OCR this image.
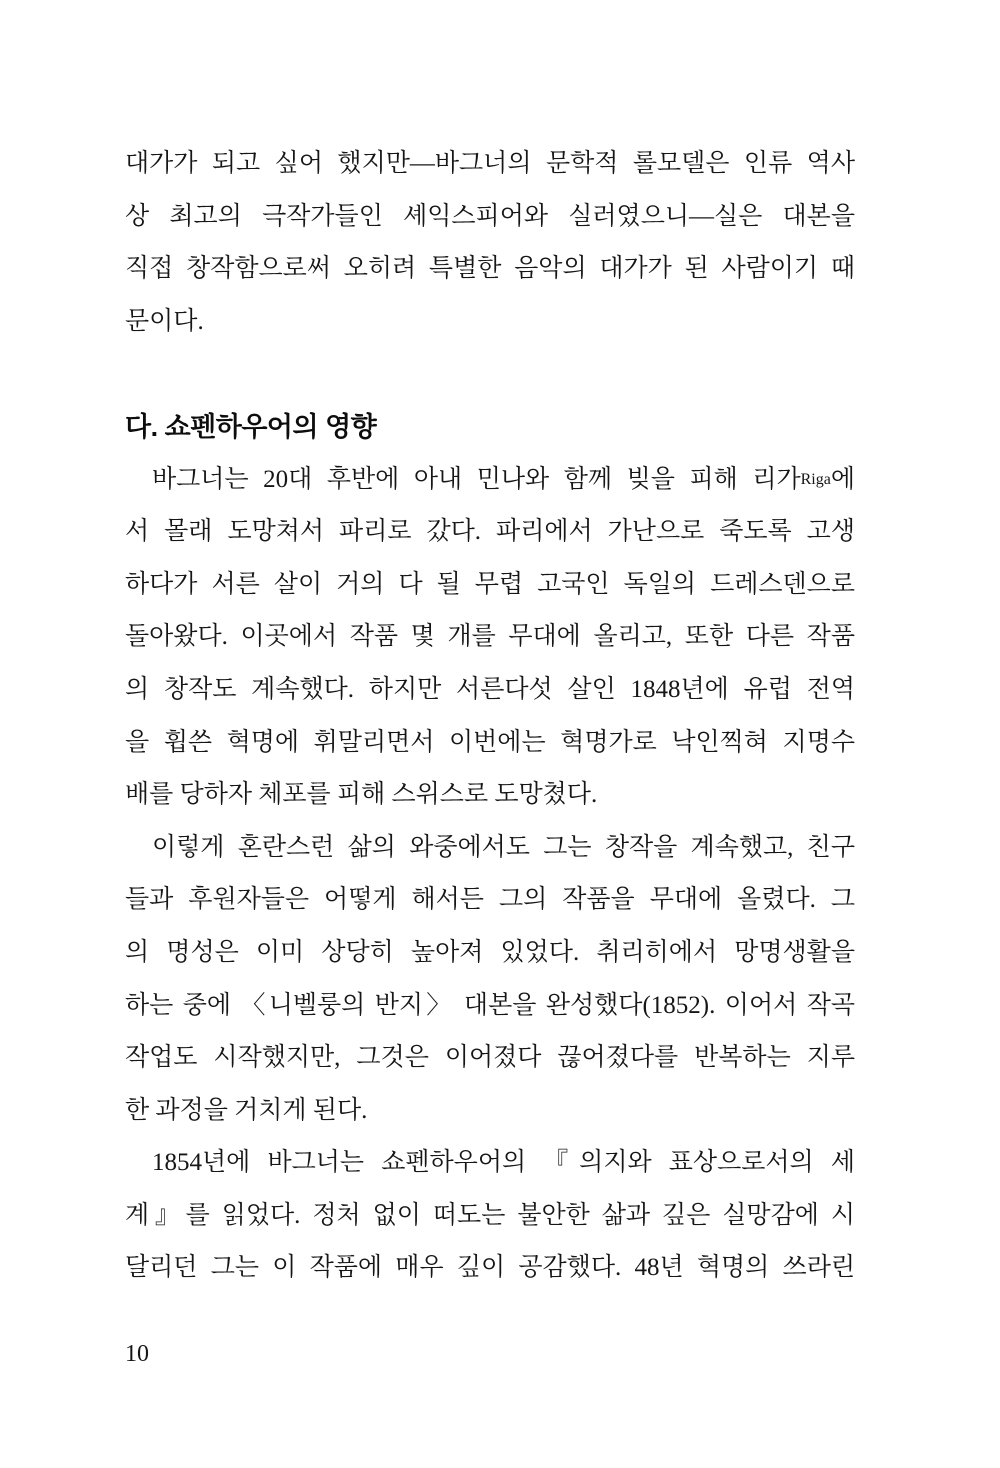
대가가 되고 싶어 했지만—바그너의 문학적 롤모델은 인류 역사
상 최고의 극작가들인 셰익스피어와 실러였으니—실은 대본을
직접 창작함으로써 오히려 특별한 음악의 대가가 된 사람이기 때
문이다.
다. 쇼펜하우어의 영향
바그너는 20대 후반에 아내 민나와 함께 빚을 피해 리가Riga에
서 몰래 도망쳐서 파리로 갔다. 파리에서 가난으로 죽도록 고생
하다가 서른 살이 거의 다 될 무렵 고국인 독일의 드레스덴으로
돌아왔다. 이곳에서 작품 몇 개를 무대에 올리고, 또한 다른 작품
의 창작도 계속했다. 하지만 서른다섯 살인 1848년에 유럽 전역
을 휩쓴 혁명에 휘말리면서 이번에는 혁명가로 낙인찍혀 지명수
배를 당하자 체포를 피해 스위스로 도망쳤다.
이렇게 혼란스런 삶의 와중에서도 그는 창작을 계속했고, 친구
들과 후원자들은 어떻게 해서든 그의 작품을 무대에 올렸다. 그
의 명성은 이미 상당히 높아져 있었다. 취리히에서 망명생활을
하는 중에 〈니벨룽의 반지〉 대본을 완성했다(1852). 이어서 작곡
작업도 시작했지만, 그것은 이어졌다 끊어졌다를 반복하는 지루
한 과정을 거치게 된다.
1854년에 바그너는 쇼펜하우어의 『의지와 표상으로서의 세
계』를 읽었다. 정처 없이 떠도는 불안한 삶과 깊은 실망감에 시
달리던 그는 이 작품에 매우 깊이 공감했다. 48년 혁명의 쓰라린
10
